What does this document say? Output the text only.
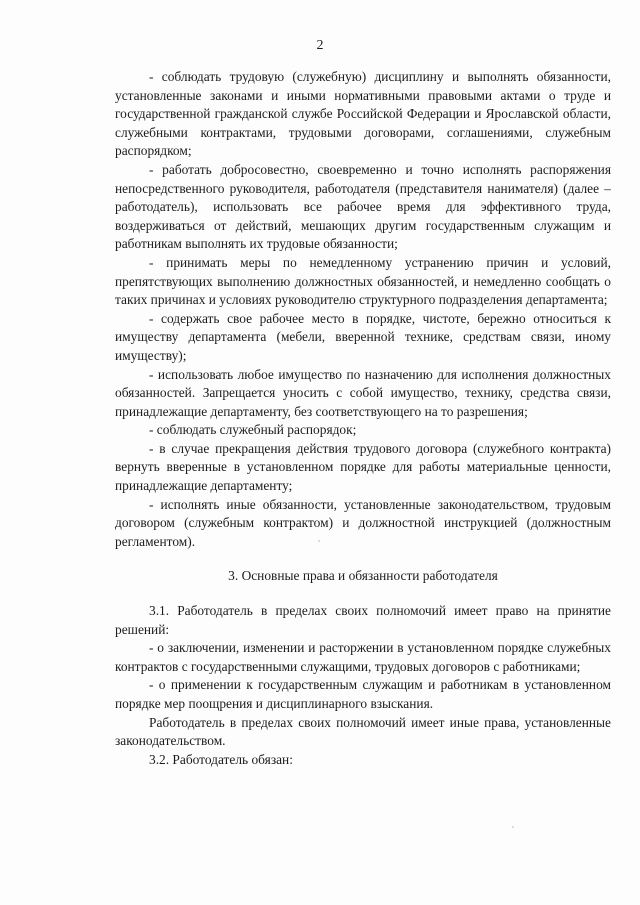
2

- соблюдать трудовую (служебную) дисциплину и выполнять обязанности, установленные законами и иными нормативными правовыми актами о труде и государственной гражданской службе Российской Федерации и Ярославской области, служебными контрактами, трудовыми договорами, соглашениями, служебным распорядком;

- работать добросовестно, своевременно и точно исполнять распоряжения непосредственного руководителя, работодателя (представителя нанимателя) (далее – работодатель), использовать все рабочее время для эффективного труда, воздерживаться от действий, мешающих другим государственным служащим и работникам выполнять их трудовые обязанности;

- принимать меры по немедленному устранению причин и условий, препятствующих выполнению должностных обязанностей, и немедленно сообщать о таких причинах и условиях руководителю структурного подразделения департамента;

- содержать свое рабочее место в порядке, чистоте, бережно относиться к имуществу департамента (мебели, вверенной технике, средствам связи, иному имуществу);

- использовать любое имущество по назначению для исполнения должностных обязанностей. Запрещается уносить с собой имущество, технику, средства связи, принадлежащие департаменту, без соответствующего на то разрешения;

- соблюдать служебный распорядок;

- в случае прекращения действия трудового договора (служебного контракта) вернуть вверенные в установленном порядке для работы материальные ценности, принадлежащие департаменту;

- исполнять иные обязанности, установленные законодательством, трудовым договором (служебным контрактом) и должностной инструкцией (должностным регламентом).

3. Основные права и обязанности работодателя

3.1. Работодатель в пределах своих полномочий имеет право на принятие решений:

- о заключении, изменении и расторжении в установленном порядке служебных контрактов с государственными служащими, трудовых договоров с работниками;

- о применении к государственным служащим и работникам в установленном порядке мер поощрения и дисциплинарного взыскания.

Работодатель в пределах своих полномочий имеет иные права, установленные законодательством.

3.2. Работодатель обязан:
